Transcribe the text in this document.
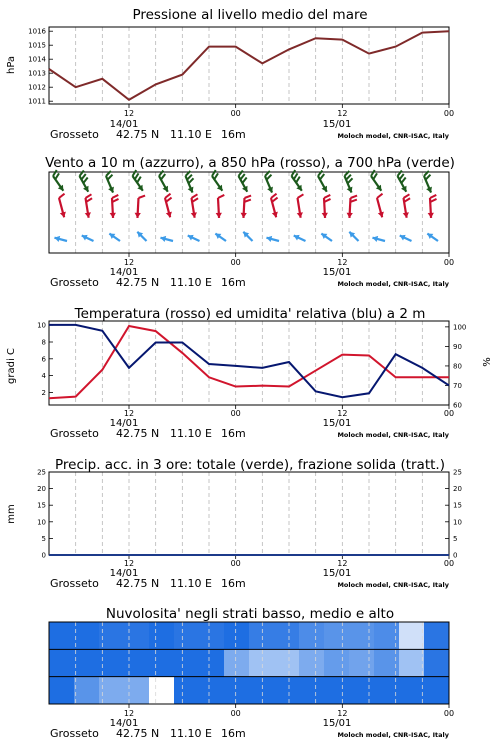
Pressione al livello medio del mare
1011
1012
1013
1014
1015
1016
hPa
12	00	12	00
14/01	15/01
Grosseto 42.75 N 11.10 E 16m	Moloch model, CNR-ISAC, Italy
Vento a 10 m (azzurro), a 850 hPa (rosso), a 700 hPa (verde)
12	00	12	00
14/01	15/01
Grosseto 42.75 N 11.10 E 16m	Moloch model, CNR-ISAC, Italy
Temperatura (rosso) ed umidita' relativa (blu) a 2 m
2
4
6
8
10
60
70
80
90
100
gradi C	%
12	00	12	00
14/01	15/01
Grosseto 42.75 N 11.10 E 16m	Moloch model, CNR-ISAC, Italy
Precip. acc. in 3 ore: totale (verde), frazione solida (tratt.)
0	0
5	5
10	10
15	15
20	20
25	25
mm
12	00	12	00
14/01	15/01
Grosseto 42.75 N 11.10 E 16m	Moloch model, CNR-ISAC, Italy
Nuvolosita' negli strati basso, medio e alto
12	00	12	00
14/01	15/01
Grosseto 42.75 N 11.10 E 16m	Moloch model, CNR-ISAC, Italy
